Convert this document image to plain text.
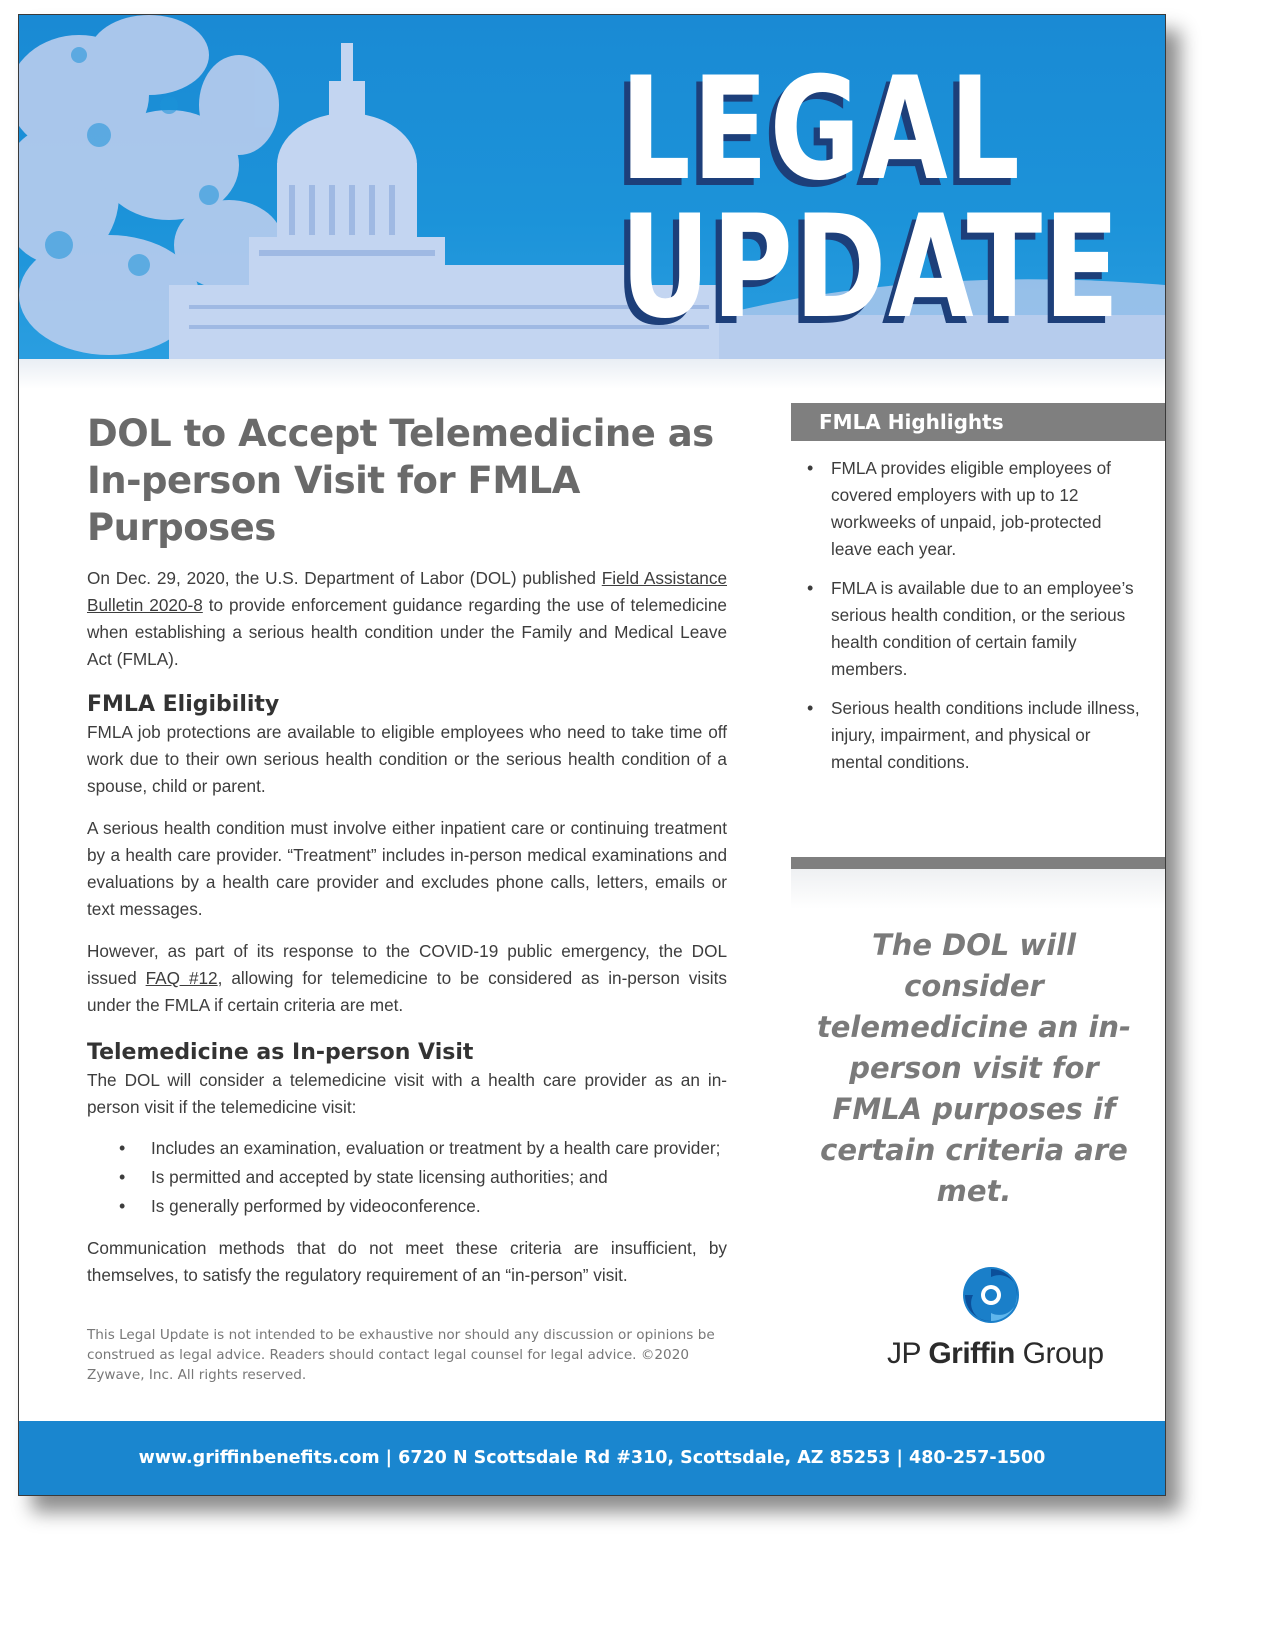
LEGAL
UPDATE
DOL to Accept Telemedicine as In-person Visit for FMLA Purposes

On Dec. 29, 2020, the U.S. Department of Labor (DOL) published Field Assistance Bulletin 2020-8 to provide enforcement guidance regarding the use of telemedicine when establishing a serious health condition under the Family and Medical Leave Act (FMLA).

FMLA Eligibility

FMLA job protections are available to eligible employees who need to take time off work due to their own serious health condition or the serious health condition of a spouse, child or parent.

A serious health condition must involve either inpatient care or continuing treatment by a health care provider. “Treatment” includes in-person medical examinations and evaluations by a health care provider and excludes phone calls, letters, emails or text messages.

However, as part of its response to the COVID-19 public emergency, the DOL issued FAQ #12, allowing for telemedicine to be considered as in-person visits under the FMLA if certain criteria are met.

Telemedicine as In-person Visit

The DOL will consider a telemedicine visit with a health care provider as an in-person visit if the telemedicine visit:

• Includes an examination, evaluation or treatment by a health care provider;
• Is permitted and accepted by state licensing authorities; and
• Is generally performed by videoconference.

Communication methods that do not meet these criteria are insufficient, by themselves, to satisfy the regulatory requirement of an “in-person” visit.

This Legal Update is not intended to be exhaustive nor should any discussion or opinions be construed as legal advice. Readers should contact legal counsel for legal advice. ©2020 Zywave, Inc. All rights reserved.
FMLA Highlights
• FMLA provides eligible employees of covered employers with up to 12 workweeks of unpaid, job-protected leave each year.
• FMLA is available due to an employee’s serious health condition, or the serious health condition of certain family members.
• Serious health conditions include illness, injury, impairment, and physical or mental conditions.
The DOL will consider telemedicine an in-person visit for FMLA purposes if certain criteria are met.
JP Griffin Group
www.griffinbenefits.com | 6720 N Scottsdale Rd #310, Scottsdale, AZ 85253 | 480-257-1500
